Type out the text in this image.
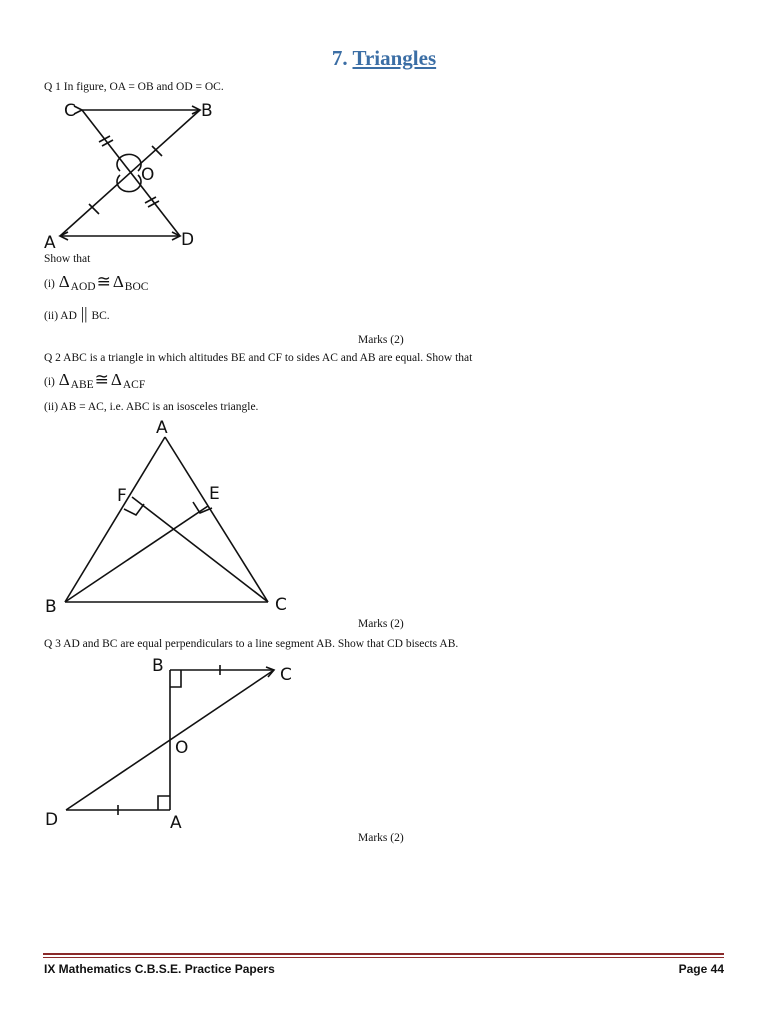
7. Triangles
Q 1 In figure, OA = OB and OD = OC.
C	B
O
A	D
Show that
(i)
Δ AOD ≅ Δ BOC
(ii) AD
||
BC.
Marks (2)
Q 2 ABC is a triangle in which altitudes BE and CF to sides AC and AB are equal. Show that
(i)
Δ ABE ≅ Δ ACF
(ii) AB = AC, i.e. ABC is an isosceles triangle.
A
F	E
B	C
Marks (2)
Q 3 AD and BC are equal perpendiculars to a line segment AB. Show that CD bisects AB.
B	C
O
D	A
Marks (2)
IX Mathematics C.B.S.E. Practice Papers	Page 44
